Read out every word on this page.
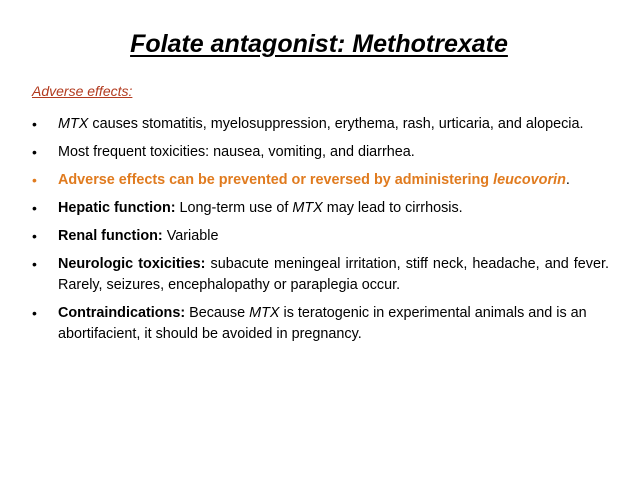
Folate antagonist: Methotrexate
Adverse effects:
• MTX causes stomatitis, myelosuppression, erythema, rash, urticaria, and alopecia.
• Most frequent toxicities: nausea, vomiting, and diarrhea.
• Adverse effects can be prevented or reversed by administering leucovorin.
• Hepatic function: Long-term use of MTX may lead to cirrhosis.
• Renal function: Variable
• Neurologic toxicities: subacute meningeal irritation, stiff neck, headache, and fever. Rarely, seizures, encephalopathy or paraplegia occur.
• Contraindications: Because MTX is teratogenic in experimental animals and is an abortifacient, it should be avoided in pregnancy.
